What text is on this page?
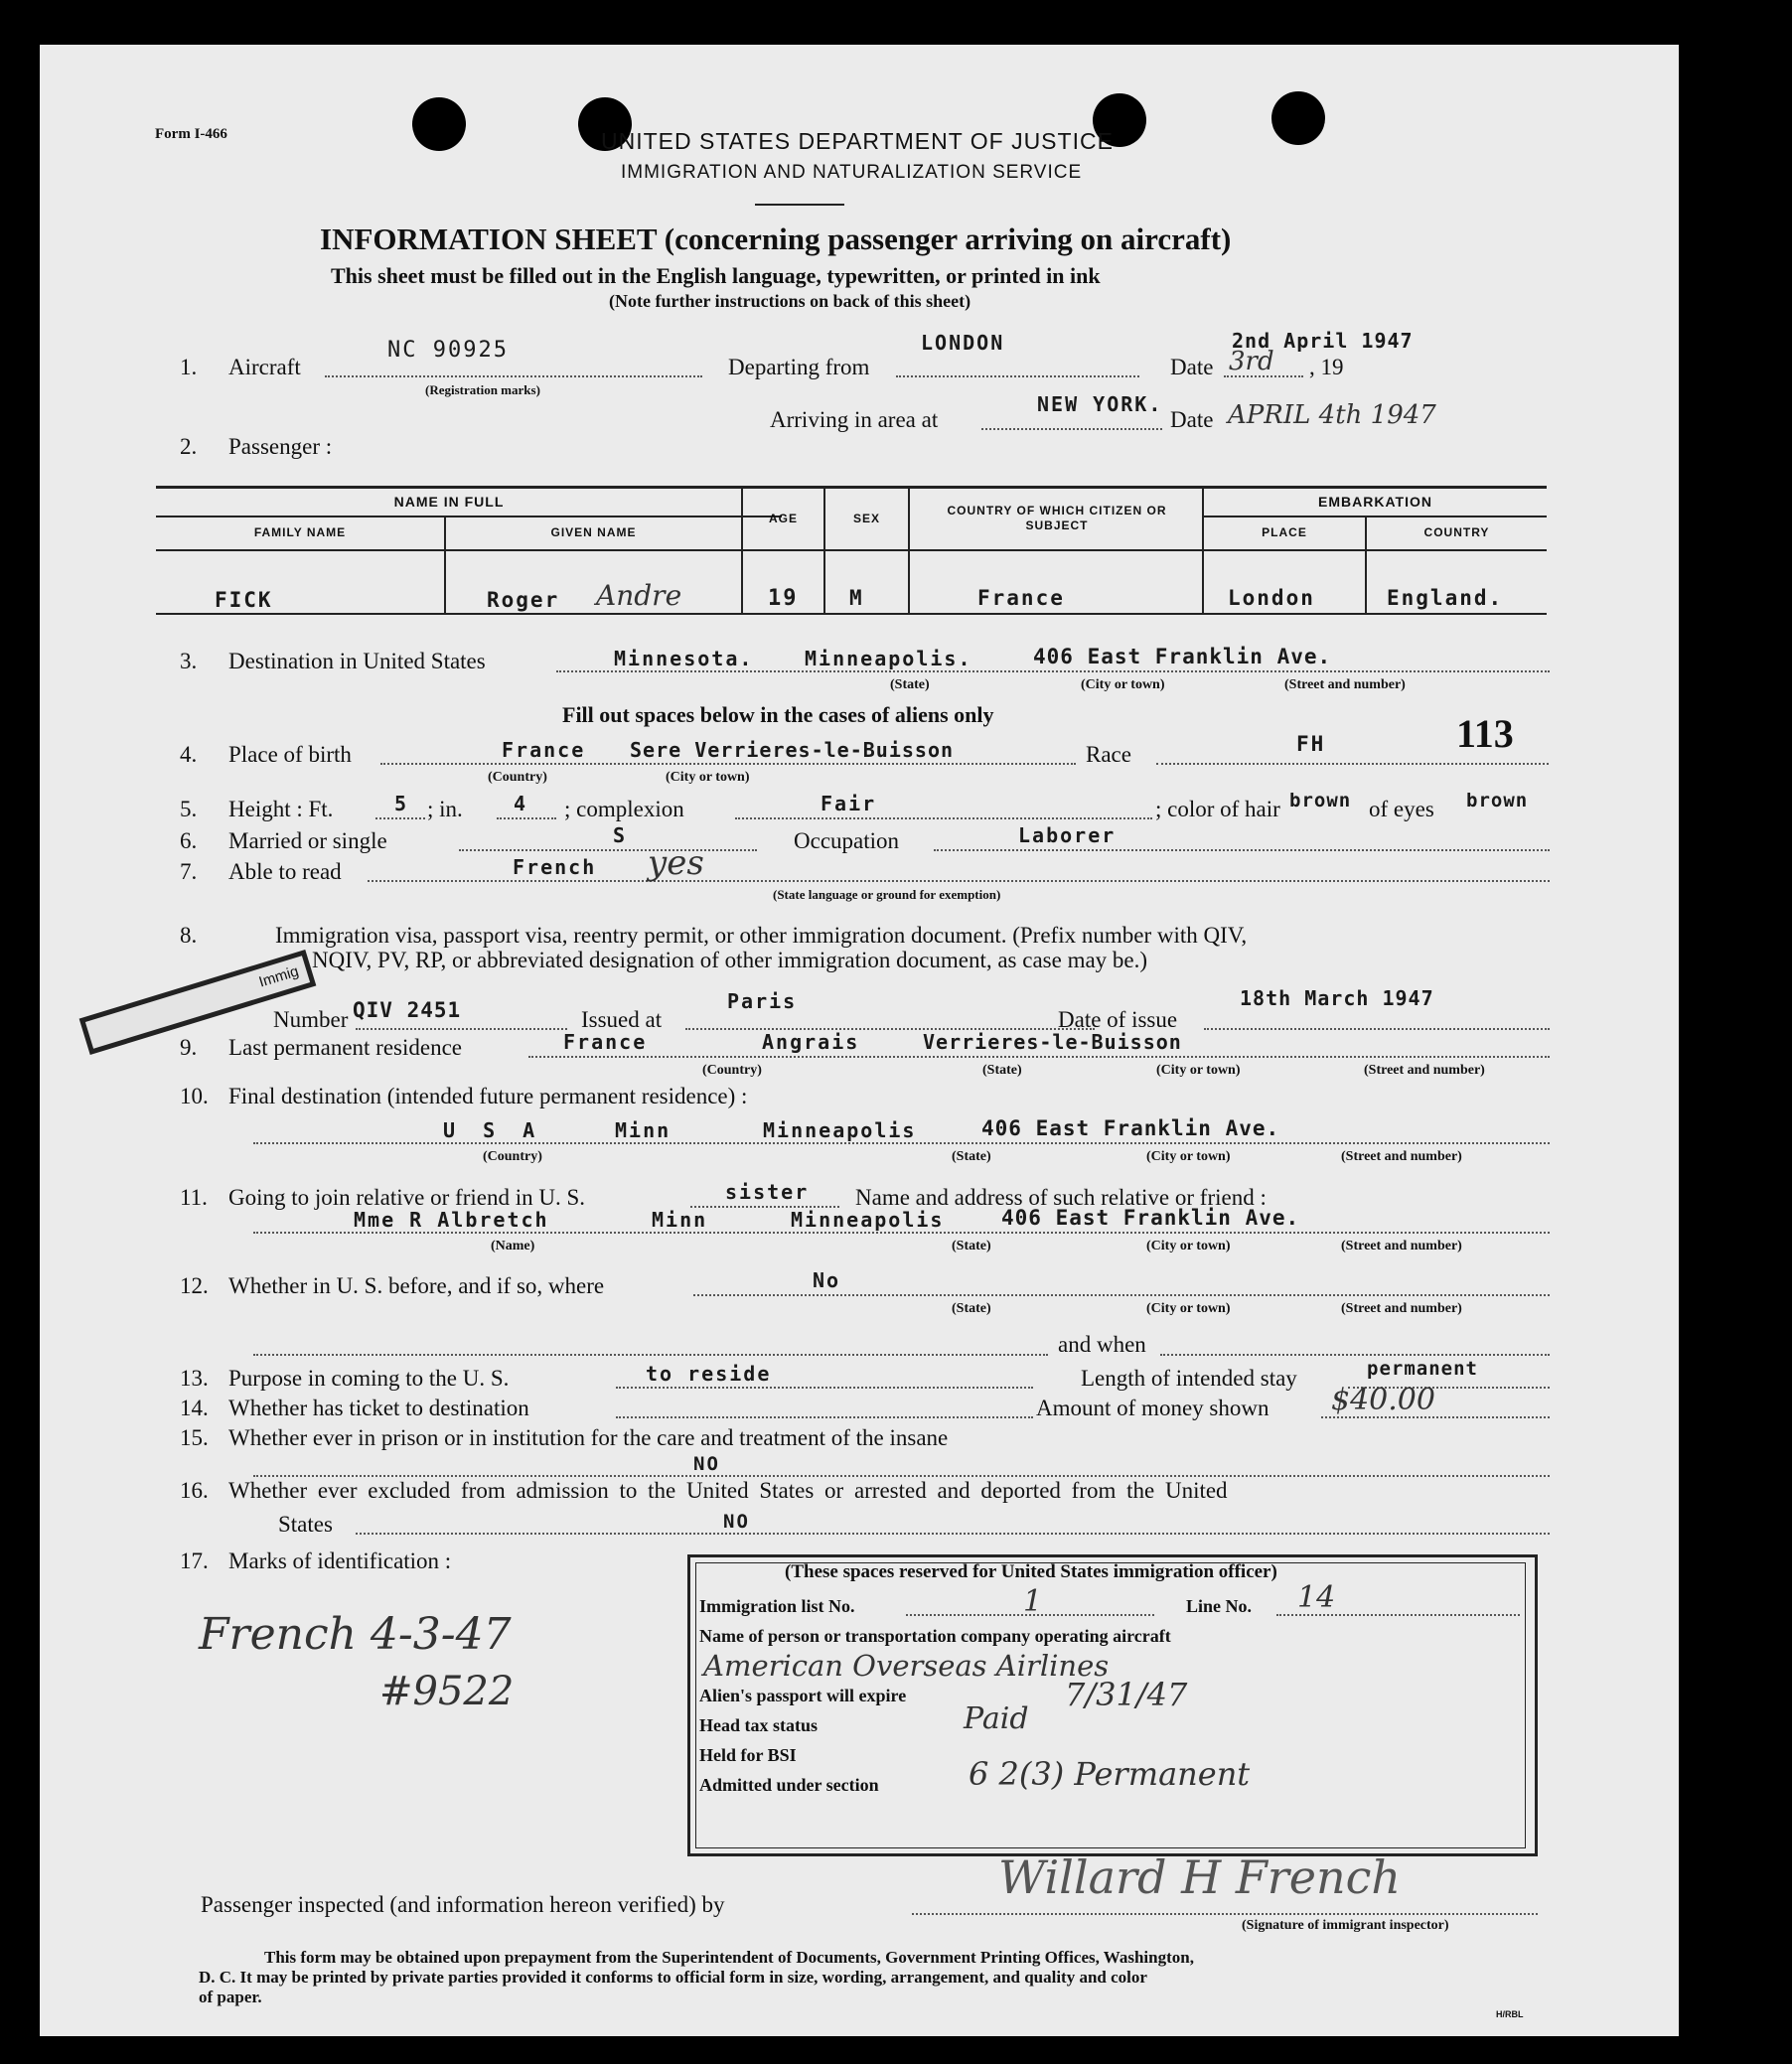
Form I-466	UNITED STATES DEPARTMENT OF JUSTICE
IMMIGRATION AND NATURALIZATION SERVICE
INFORMATION SHEET (concerning passenger arriving on aircraft)
This sheet must be filled out in the English language, typewritten, or printed in ink
(Note further instructions on back of this sheet)
1. Aircraft
NC 90925
(Registration marks)
Departing from
LONDON
Date
2nd April 1947
3rd , 19
Arriving in area at
NEW YORK.
Date APRIL 4th 1947
2. Passenger :
NAME IN FULL
FAMILY NAME	GIVEN NAME
AGE	SEX
COUNTRY OF WHICH CITIZEN OR SUBJECT
EMBARKATION
PLACE	COUNTRY
FICK	Roger Andre	19 M	France	London	England.
3. Destination in United States	Minnesota.	Minneapolis.	406 East Franklin Ave.
(State)	(City or town)	(Street and number)
Fill out spaces below in the cases of aliens only
4. Place of birth	France Sere Verrieres-le-Buisson
(Country)	(City or town)
Race	FH	113
5. Height : Ft.	5 ; in.	4 ; complexion	Fair	; color of hair brown of eyes brown
6. Married or single	S	Occupation	Laborer
7. Able to read	French yes
(State language or ground for exemption)
8.	Immigration visa, passport visa, reentry permit, or other immigration document. (Prefix number with QIV,
NQIV, PV, RP, or abbreviated designation of other immigration document, as case may be.)
Immig
Number QIV 2451	Issued at
Paris
Date of issue
18th March 1947
9. Last permanent residence	France	Angrais	Verrieres-le-Buisson
(Country)	(State)	(City or town)	(Street and number)
10. Final destination (intended future permanent residence) :
U S A	Minn	Minneapolis	406 East Franklin Ave.
(Country)	(State)	(City or town)	(Street and number)
11. Going to join relative or friend in U. S.	sister Name and address of such relative or friend :
Mme R Albretch	Minn	Minneapolis	406 East Franklin Ave.
(Name)	(State)	(City or town)	(Street and number)
12. Whether in U. S. before, and if so, where	No
(State)	(City or town)	(Street and number)
and when
13. Purpose in coming to the U. S.	to reside	Length of intended stay	permanent
14. Whether has ticket to destination	Amount of money shown $40.00
15. Whether ever in prison or in institution for the care and treatment of the insane
NO
16. Whether ever excluded from admission to the United States or arrested and deported from the United
States	NO
17. Marks of identification :
French 4-3-47
#9522
(These spaces reserved for United States immigration officer)
Immigration list No.	1	Line No. 14
Name of person or transportation company operating aircraft
American Overseas Airlines
Alien's passport will expire	7/31/47
Head tax status	Paid
Held for BSI
Admitted under section	6 2(3) Permanent
Passenger inspected (and information hereon verified) by
Willard H French
(Signature of immigrant inspector)
This form may be obtained upon prepayment from the Superintendent of Documents, Government Printing Offices, Washington,
D. C. It may be printed by private parties provided it conforms to official form in size, wording, arrangement, and quality and color
of paper.
H/RBL
